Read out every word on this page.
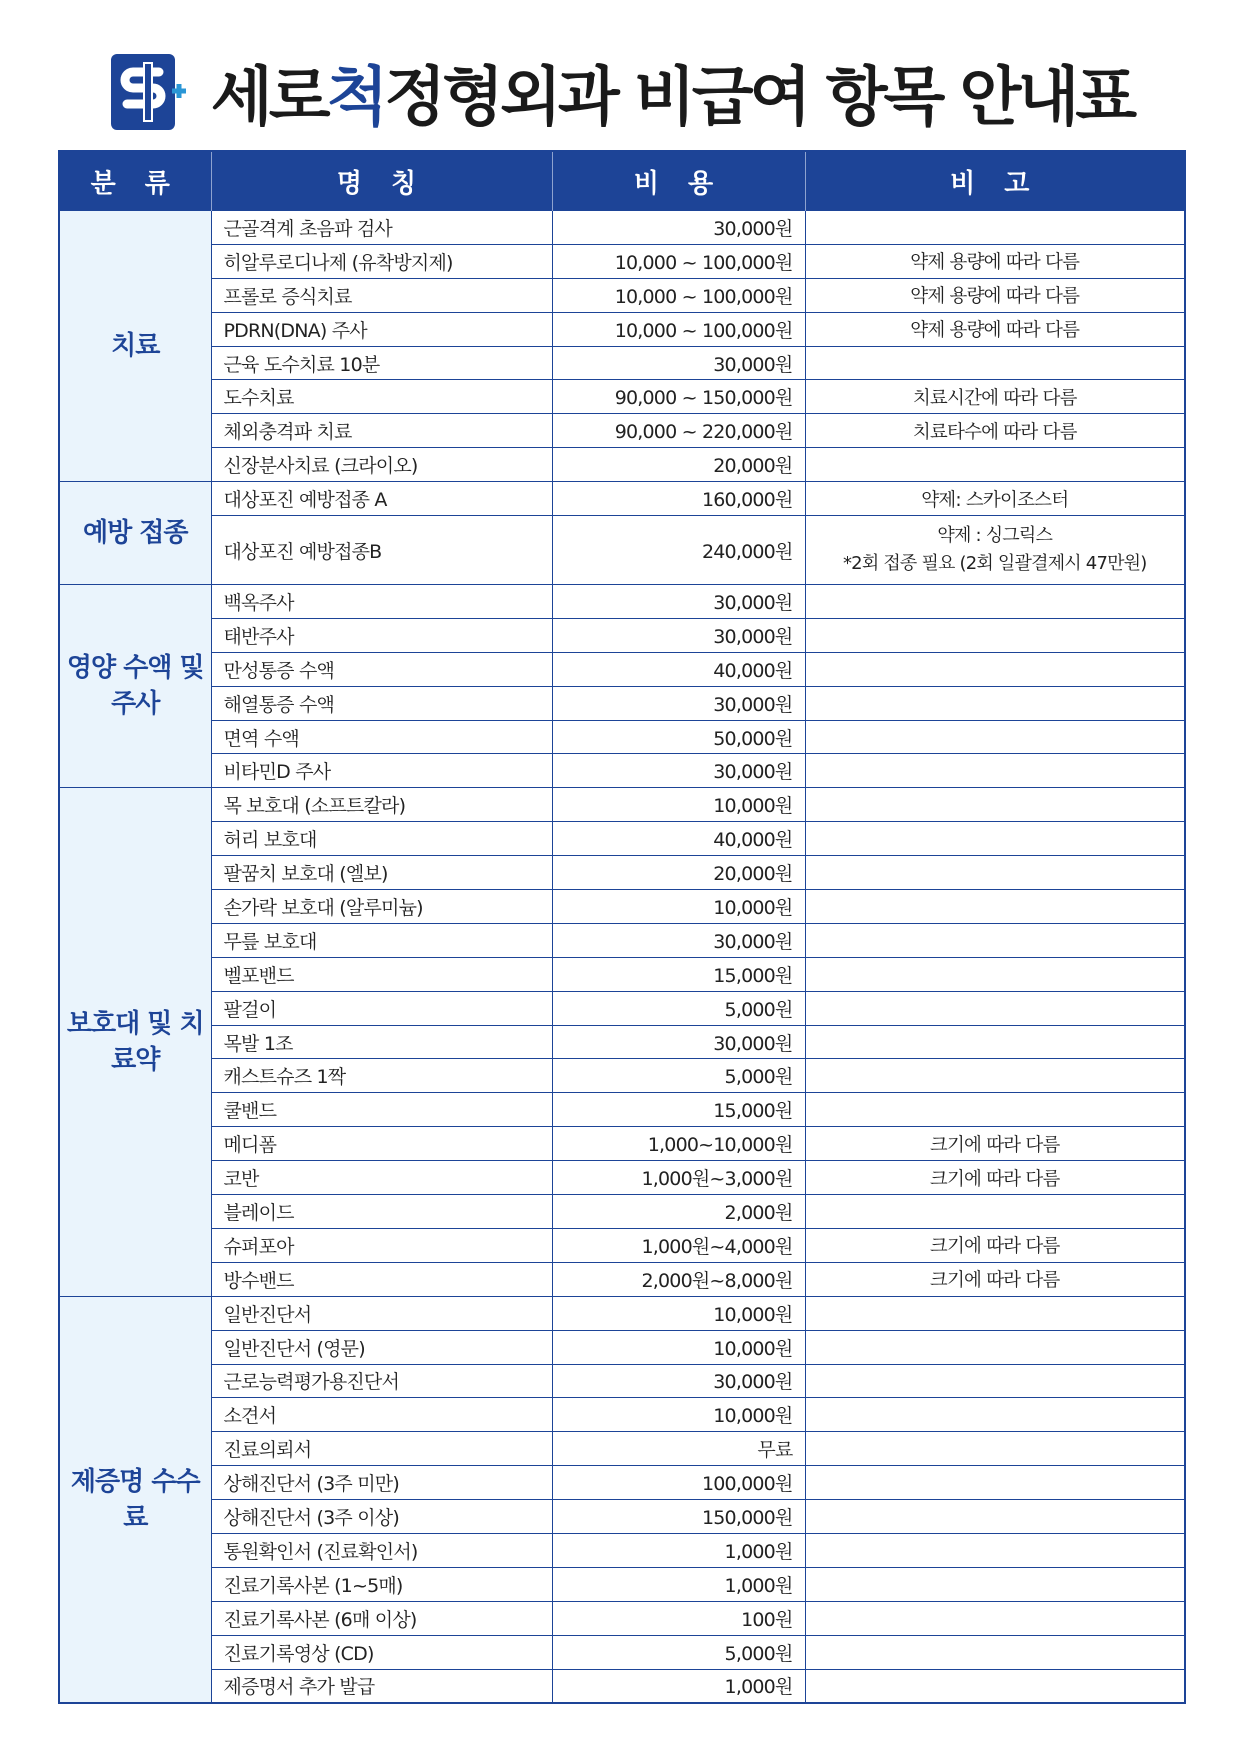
세로척정형외과 비급여 항목 안내표
분 류	명 칭	비 용	비 고
치료	근골격계 초음파 검사	30,000원	
	히알루로디나제 (유착방지제)	10,000 ~ 100,000원	약제 용량에 따라 다름
	프롤로 증식치료	10,000 ~ 100,000원	약제 용량에 따라 다름
	PDRN(DNA) 주사	10,000 ~ 100,000원	약제 용량에 따라 다름
	근육 도수치료 10분	30,000원	
	도수치료	90,000 ~ 150,000원	치료시간에 따라 다름
	체외충격파 치료	90,000 ~ 220,000원	치료타수에 따라 다름
	신장분사치료 (크라이오)	20,000원	
예방 접종	대상포진 예방접종 A	160,000원	약제: 스카이조스터
	대상포진 예방접종B	240,000원	약제 : 싱그릭스
*2회 접종 필요 (2회 일괄결제시 47만원)

영양 수액 및 주사	백옥주사	30,000원	
	태반주사	30,000원	
	만성통증 수액	40,000원	
	해열통증 수액	30,000원	
	면역 수액	50,000원	
	비타민D 주사	30,000원	
보호대 및 치료약	목 보호대 (소프트칼라)	10,000원	
	허리 보호대	40,000원	
	팔꿈치 보호대 (엘보)	20,000원	
	손가락 보호대 (알루미늄)	10,000원	
	무릎 보호대	30,000원	
	벨포밴드	15,000원	
	팔걸이	5,000원	
	목발 1조	30,000원	
	캐스트슈즈 1짝	5,000원	
	쿨밴드	15,000원	
	메디폼	1,000~10,000원	크기에 따라 다름
	코반	1,000원~3,000원	크기에 따라 다름
	블레이드	2,000원	
	슈퍼포아	1,000원~4,000원	크기에 따라 다름
	방수밴드	2,000원~8,000원	크기에 따라 다름
제증명 수수료	일반진단서	10,000원	
	일반진단서 (영문)	10,000원	
	근로능력평가용진단서	30,000원	
	소견서	10,000원	
	진료의뢰서	무료	
	상해진단서 (3주 미만)	100,000원	
	상해진단서 (3주 이상)	150,000원	
	통원확인서 (진료확인서)	1,000원	
	진료기록사본 (1~5매)	1,000원	
	진료기록사본 (6매 이상)	100원	
	진료기록영상 (CD)	5,000원	
	제증명서 추가 발급	1,000원	
